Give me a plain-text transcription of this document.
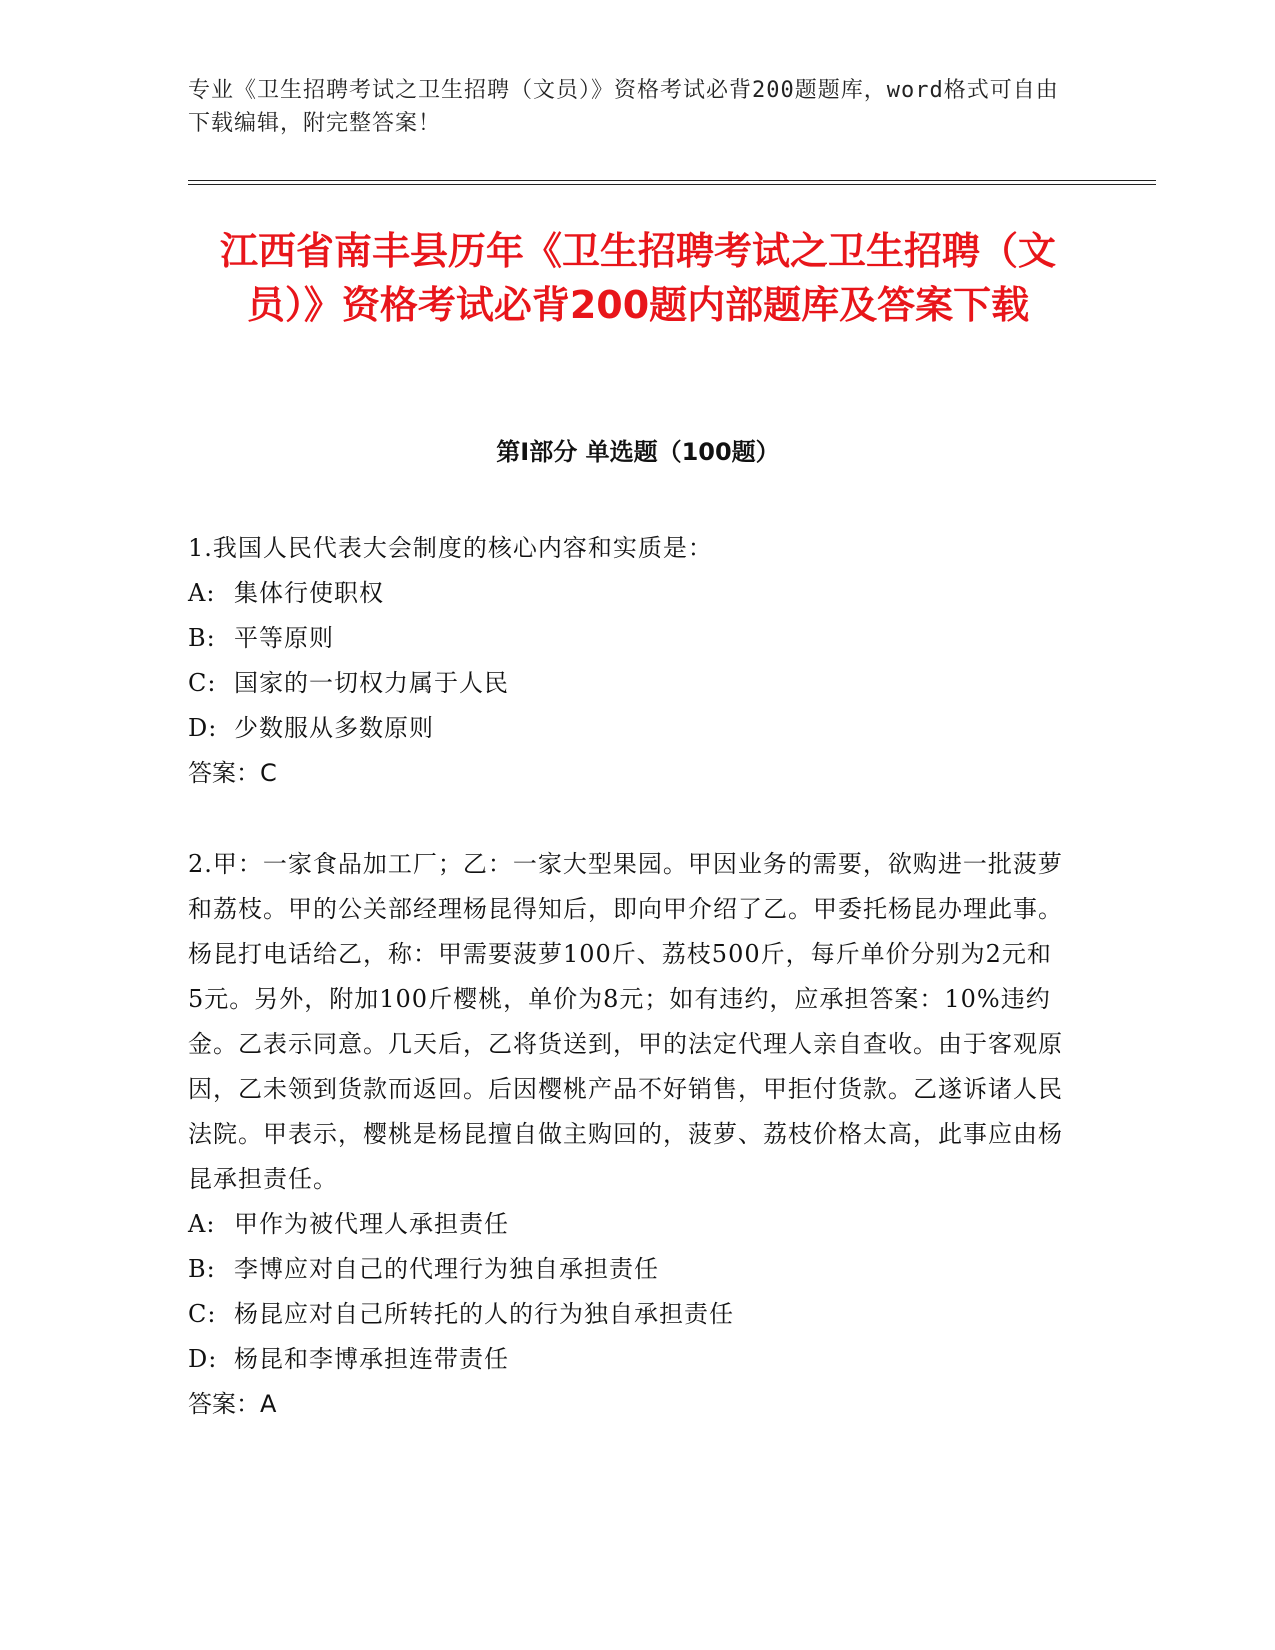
专业《卫生招聘考试之卫生招聘（文员）》资格考试必背200题题库，word格式可自由下载编辑，附完整答案！
江西省南丰县历年《卫生招聘考试之卫生招聘（文员）》资格考试必背200题内部题库及答案下载
第I部分 单选题（100题）

1.我国人民代表大会制度的核心内容和实质是：

A: 集体行使职权

B: 平等原则

C: 国家的一切权力属于人民

D: 少数服从多数原则

答案：C

2.甲：一家食品加工厂；乙：一家大型果园。甲因业务的需要，欲购进一批菠萝和荔枝。甲的公关部经理杨昆得知后，即向甲介绍了乙。甲委托杨昆办理此事。杨昆打电话给乙，称：甲需要菠萝100斤、荔枝500斤，每斤单价分别为2元和5元。另外，附加100斤樱桃，单价为8元；如有违约，应承担答案：10%违约金。乙表示同意。几天后，乙将货送到，甲的法定代理人亲自查收。由于客观原因，乙未领到货款而返回。后因樱桃产品不好销售，甲拒付货款。乙遂诉诸人民法院。甲表示，樱桃是杨昆擅自做主购回的，菠萝、荔枝价格太高，此事应由杨昆承担责任。

A: 甲作为被代理人承担责任

B: 李博应对自己的代理行为独自承担责任

C: 杨昆应对自己所转托的人的行为独自承担责任

D: 杨昆和李博承担连带责任

答案：A
